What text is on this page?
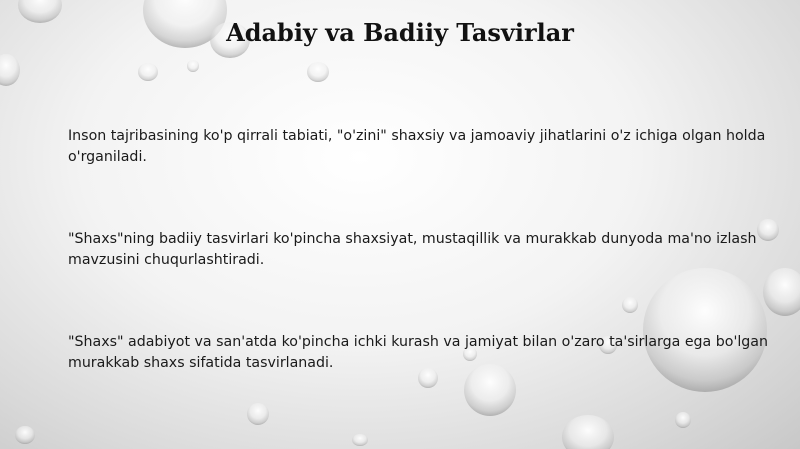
Adabiy va Badiiy Tasvirlar

Inson tajribasining ko'p qirrali tabiati, "o'zini" shaxsiy va jamoaviy jihatlarini o'z ichiga olgan holda o'rganiladi.

"Shaxs"ning badiiy tasvirlari ko'pincha shaxsiyat, mustaqillik va murakkab dunyoda ma'no izlash mavzusini chuqurlashtiradi.

"Shaxs" adabiyot va san'atda ko'pincha ichki kurash va jamiyat bilan o'zaro ta'sirlarga ega bo'lgan murakkab shaxs sifatida tasvirlanadi.
